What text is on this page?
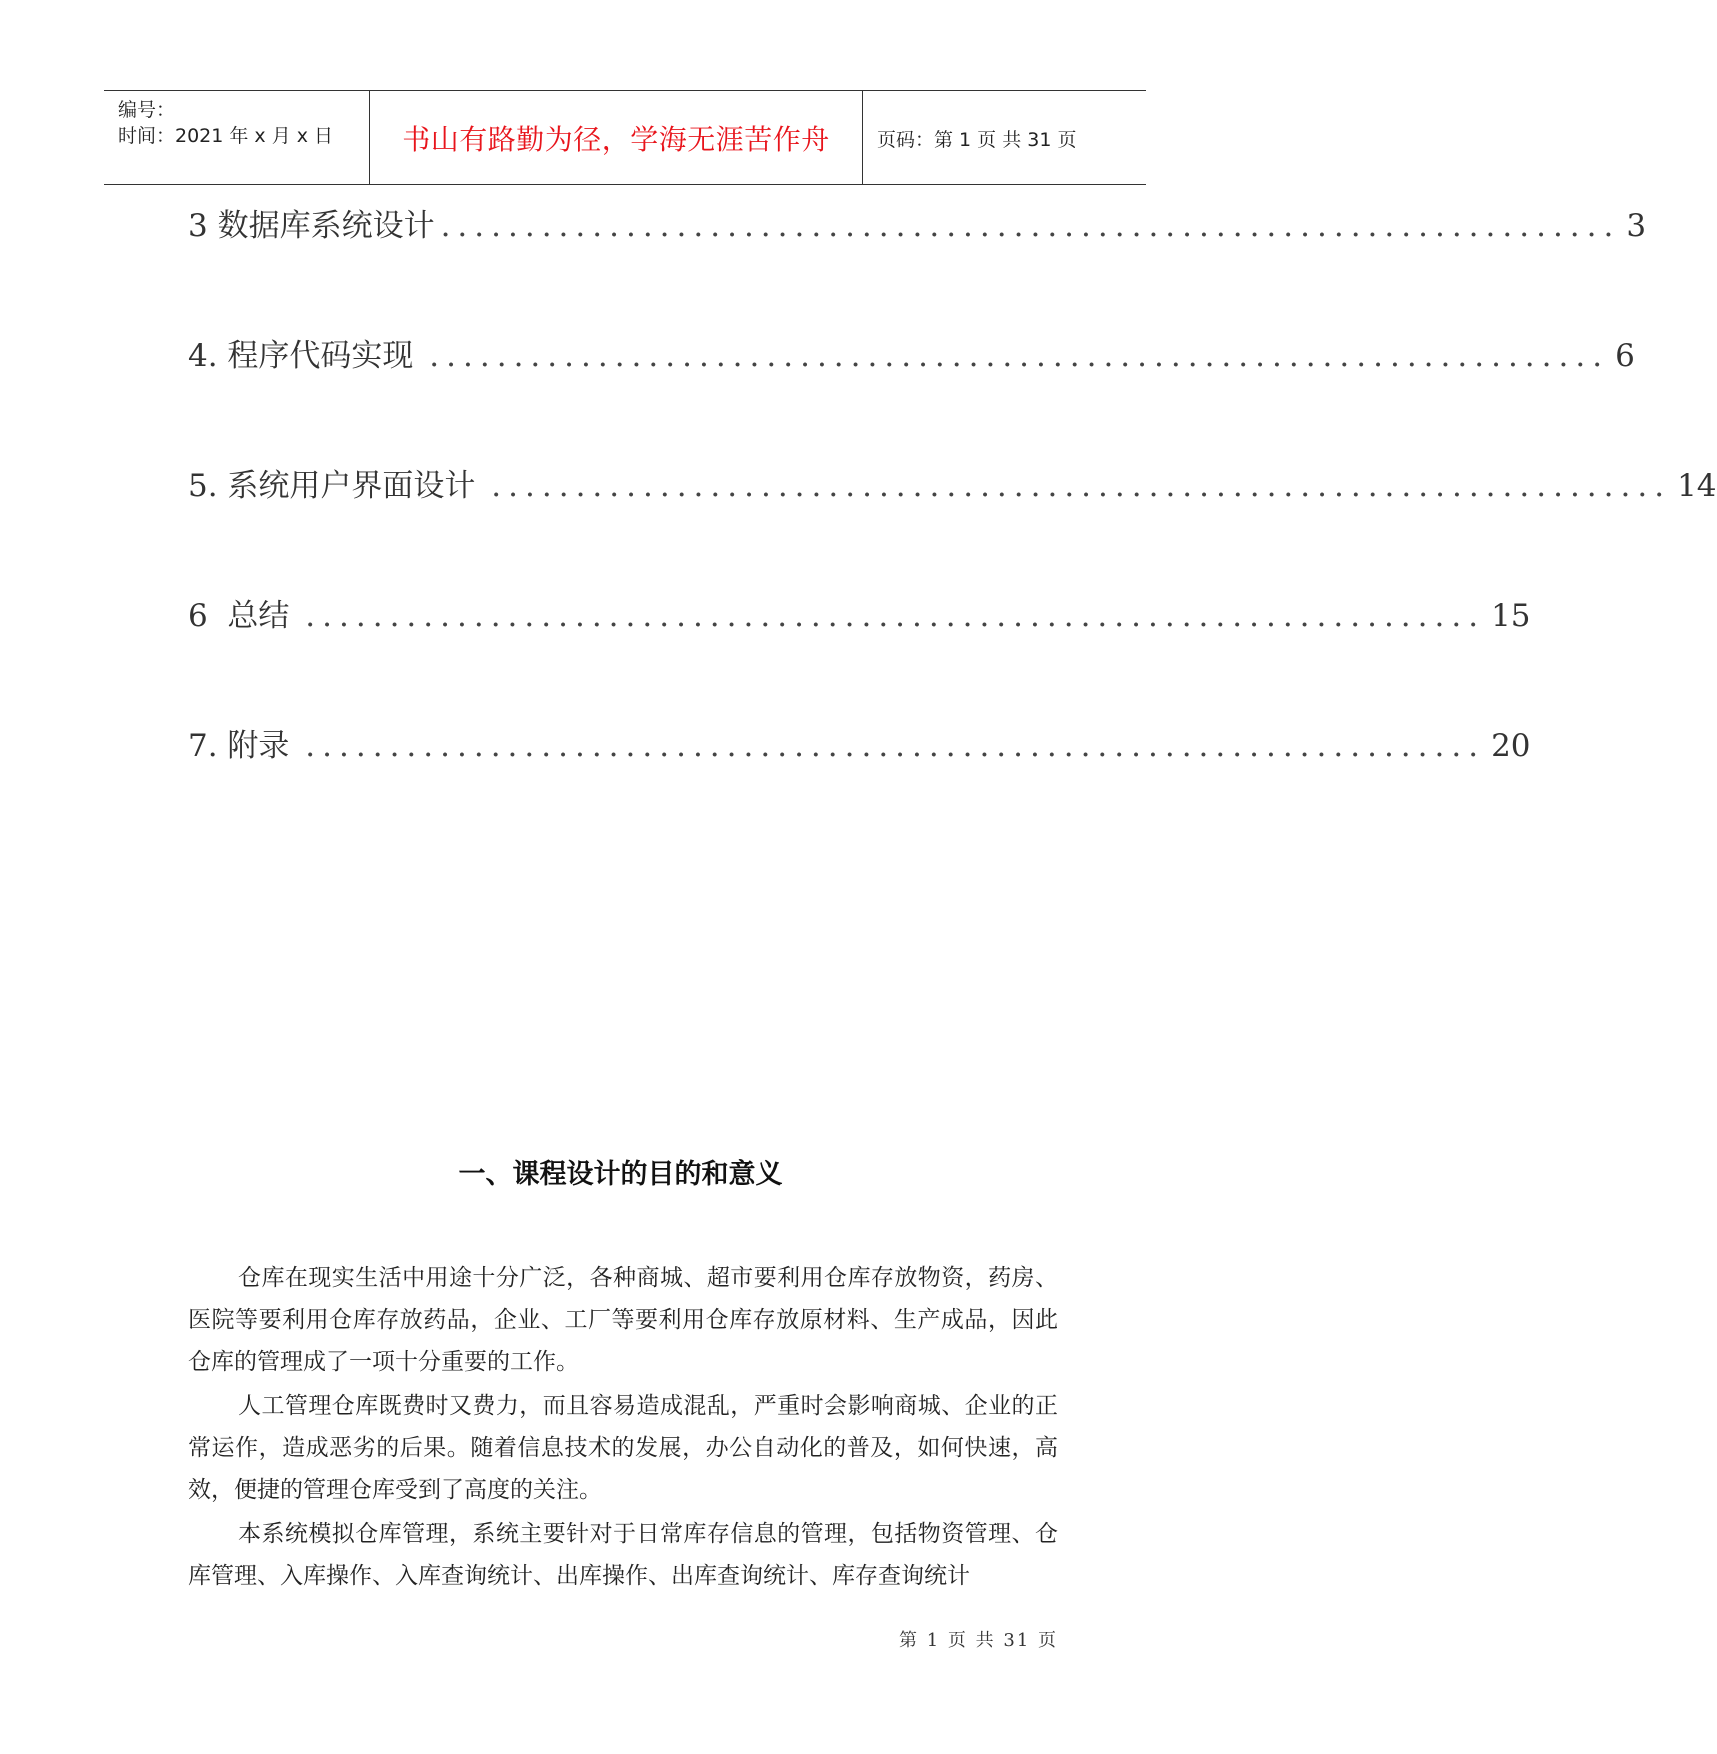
编号：
时间：2021 年 x 月 x 日	书山有路勤为径，学海无涯苦作舟	页码：第 1 页 共 31 页
3 数据库系统设计 ...................................................................... 3
4. 程序代码实现 ...................................................................... 6
5. 系统用户界面设计 ...................................................................... 14
6  总结 ...................................................................... 15
7. 附录 ...................................................................... 20
一、课程设计的目的和意义

仓库在现实生活中用途十分广泛，各种商城、超市要利用仓库存放物资，药房、医院等要利用仓库存放药品，企业、工厂等要利用仓库存放原材料、生产成品，因此仓库的管理成了一项十分重要的工作。

人工管理仓库既费时又费力，而且容易造成混乱，严重时会影响商城、企业的正常运作，造成恶劣的后果。随着信息技术的发展，办公自动化的普及，如何快速，高效，便捷的管理仓库受到了高度的关注。

本系统模拟仓库管理，系统主要针对于日常库存信息的管理，包括物资管理、仓库管理、入库操作、入库查询统计、出库操作、出库查询统计、库存查询统计

第 1 页 共 31 页
